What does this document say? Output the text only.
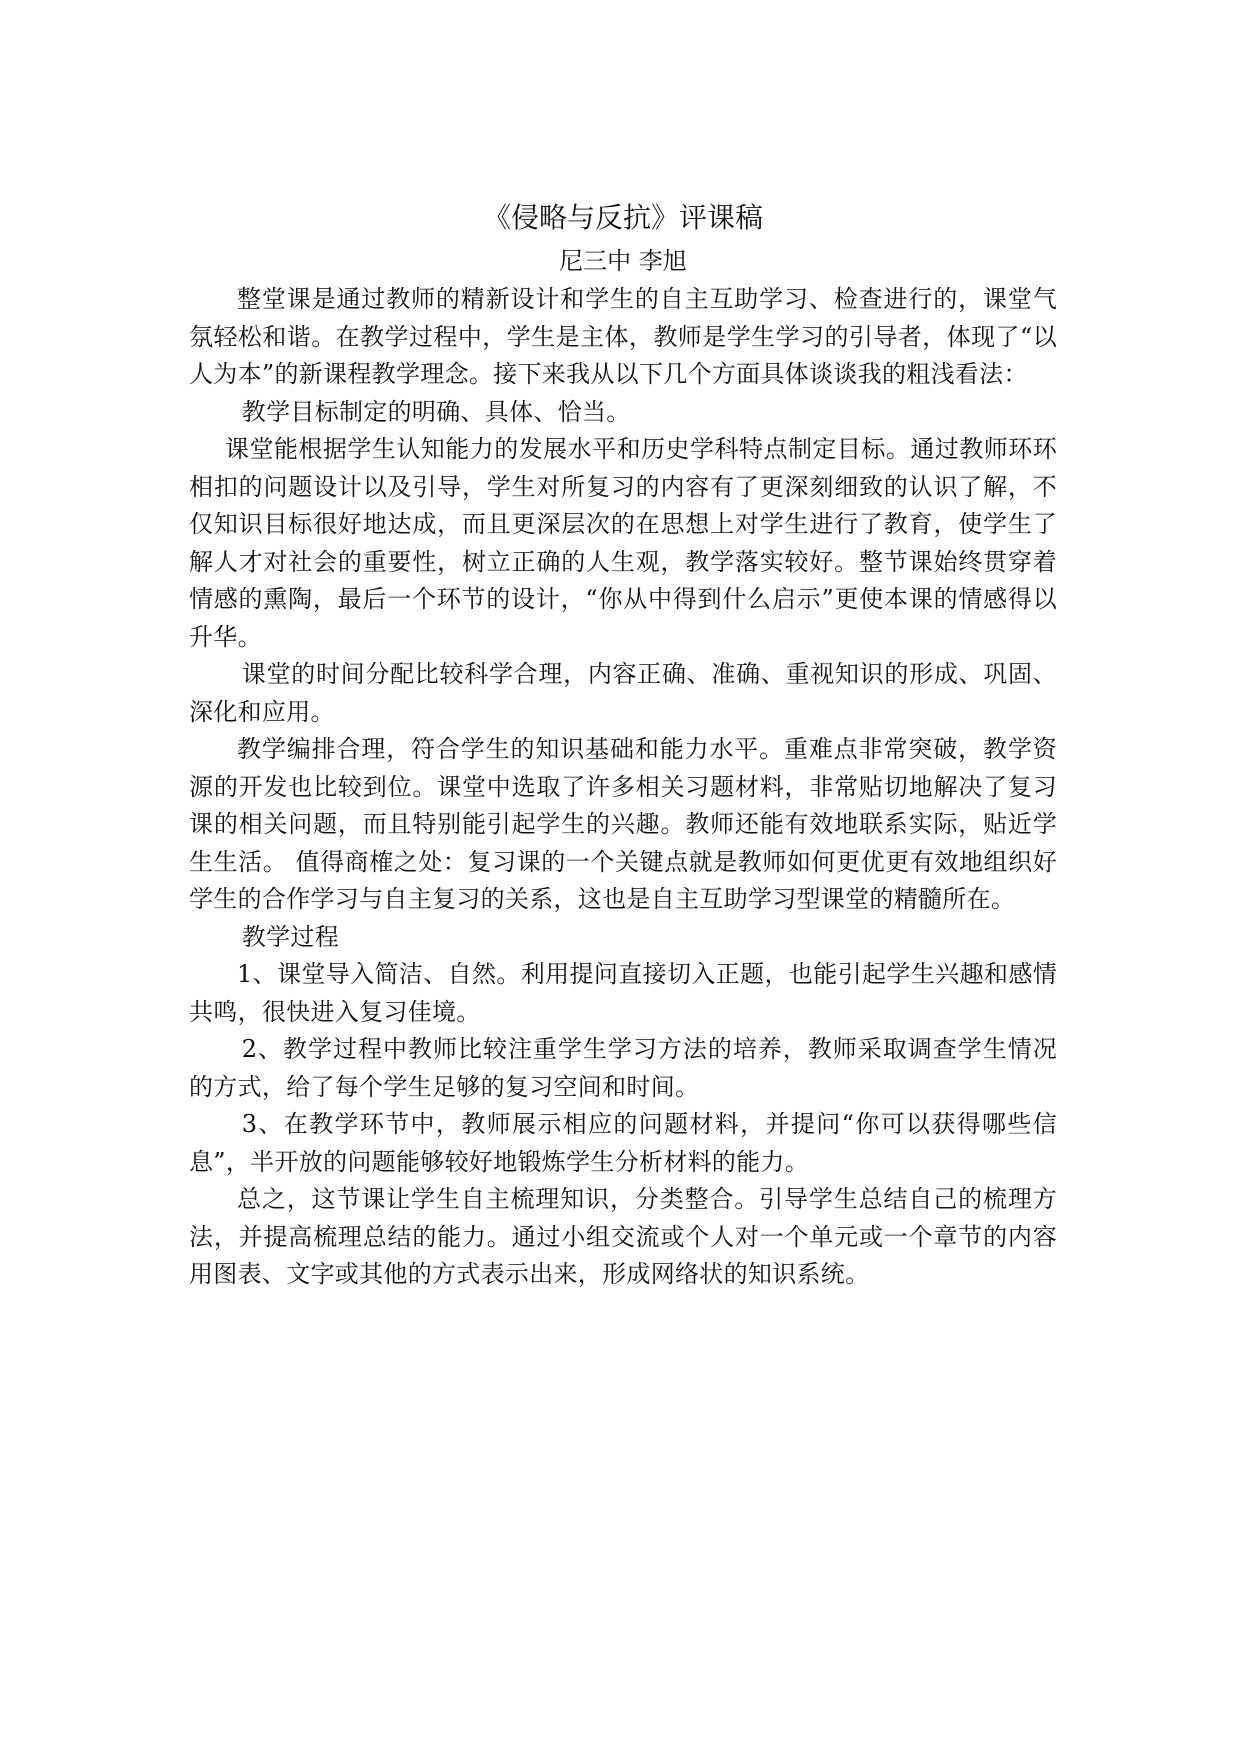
《侵略与反抗》评课稿

尼三中 李旭

整堂课是通过教师的精新设计和学生的自主互助学习、检查进行的，课堂气氛轻松和谐。在教学过程中，学生是主体，教师是学生学习的引导者，体现了“以人为本”的新课程教学理念。接下来我从以下几个方面具体谈谈我的粗浅看法：

教学目标制定的明确、具体、恰当。

课堂能根据学生认知能力的发展水平和历史学科特点制定目标。通过教师环环相扣的问题设计以及引导，学生对所复习的内容有了更深刻细致的认识了解，不仅知识目标很好地达成，而且更深层次的在思想上对学生进行了教育，使学生了解人才对社会的重要性，树立正确的人生观，教学落实较好。整节课始终贯穿着情感的熏陶，最后一个环节的设计，“你从中得到什么启示”更使本课的情感得以升华。

课堂的时间分配比较科学合理，内容正确、准确、重视知识的形成、巩固、深化和应用。

教学编排合理，符合学生的知识基础和能力水平。重难点非常突破，教学资源的开发也比较到位。课堂中选取了许多相关习题材料，非常贴切地解决了复习课的相关问题，而且特别能引起学生的兴趣。教师还能有效地联系实际，贴近学生生活。 值得商榷之处：复习课的一个关键点就是教师如何更优更有效地组织好学生的合作学习与自主复习的关系，这也是自主互助学习型课堂的精髓所在。

教学过程

1、课堂导入简洁、自然。利用提问直接切入正题，也能引起学生兴趣和感情共鸣，很快进入复习佳境。

2、教学过程中教师比较注重学生学习方法的培养，教师采取调查学生情况的方式，给了每个学生足够的复习空间和时间。

3、在教学环节中，教师展示相应的问题材料，并提问“你可以获得哪些信息”，半开放的问题能够较好地锻炼学生分析材料的能力。

总之，这节课让学生自主梳理知识，分类整合。引导学生总结自己的梳理方法，并提高梳理总结的能力。通过小组交流或个人对一个单元或一个章节的内容用图表、文字或其他的方式表示出来，形成网络状的知识系统。
